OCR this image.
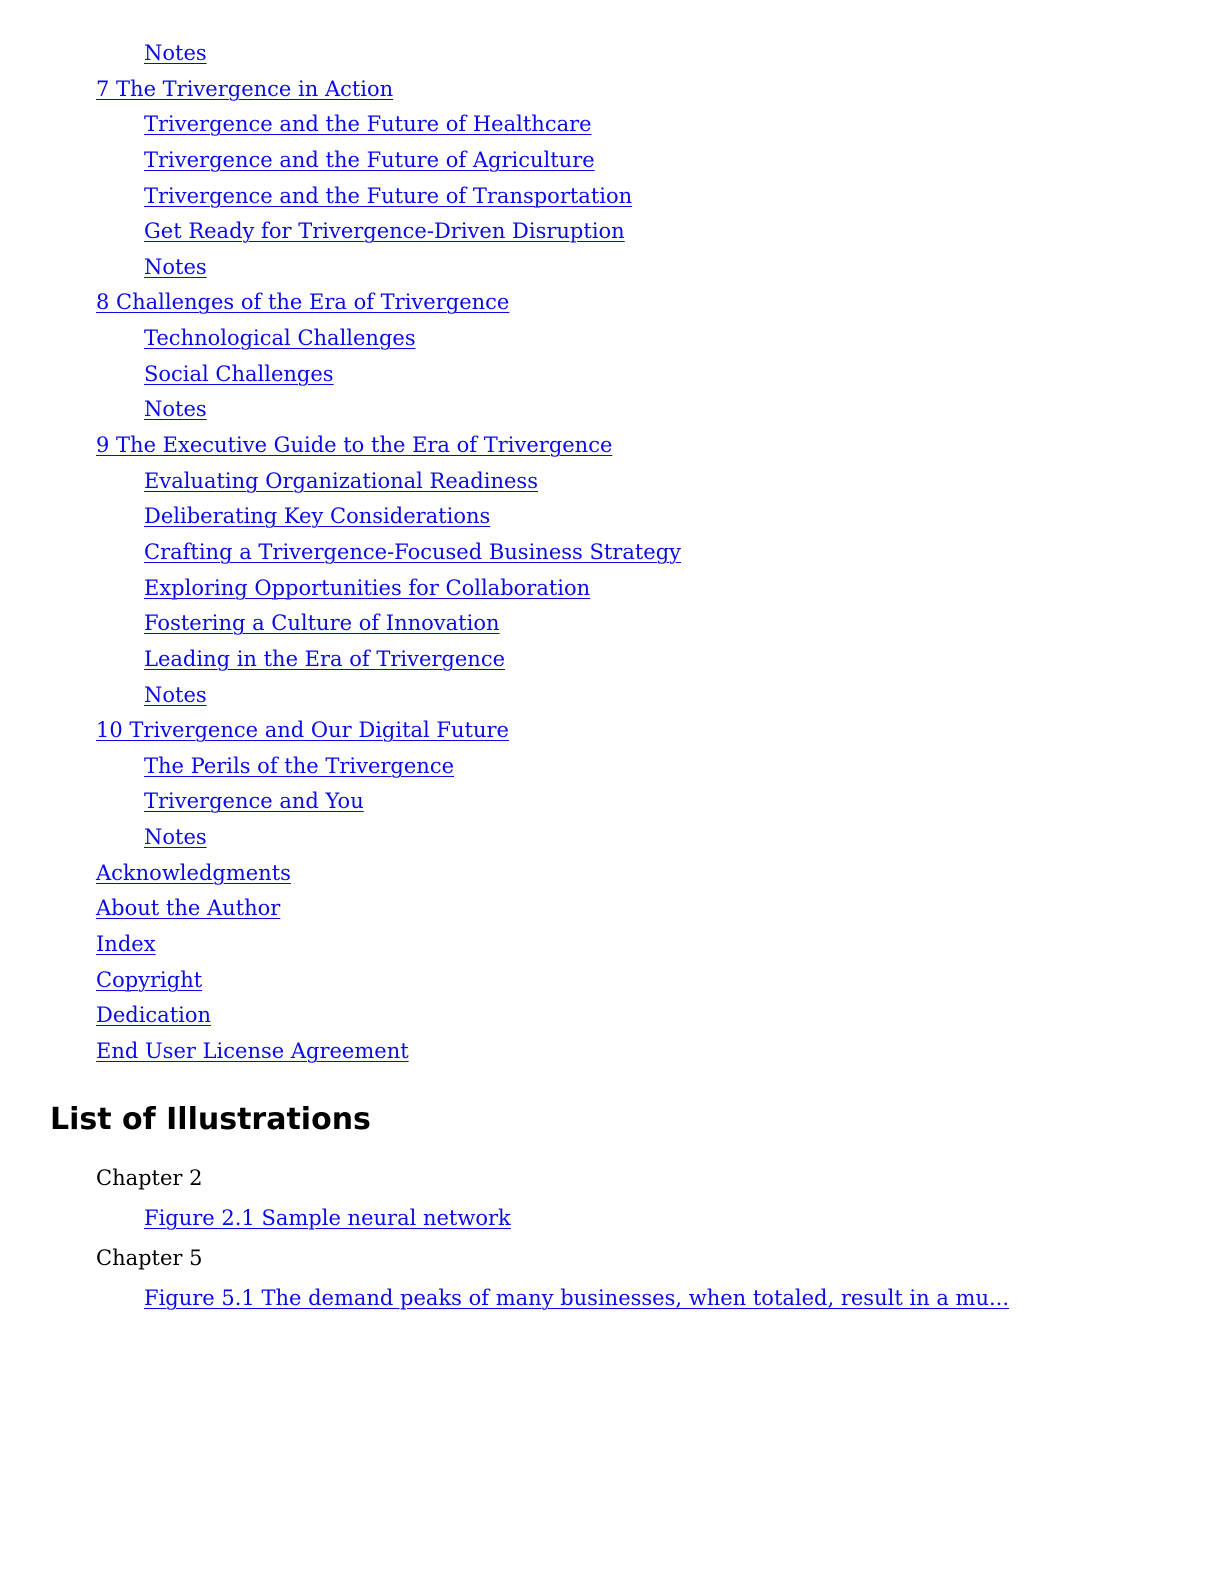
Notes
7 The Trivergence in Action
Trivergence and the Future of Healthcare
Trivergence and the Future of Agriculture
Trivergence and the Future of Transportation
Get Ready for Trivergence-Driven Disruption
Notes
8 Challenges of the Era of Trivergence
Technological Challenges
Social Challenges
Notes
9 The Executive Guide to the Era of Trivergence
Evaluating Organizational Readiness
Deliberating Key Considerations
Crafting a Trivergence-Focused Business Strategy
Exploring Opportunities for Collaboration
Fostering a Culture of Innovation
Leading in the Era of Trivergence
Notes
10 Trivergence and Our Digital Future
The Perils of the Trivergence
Trivergence and You
Notes
Acknowledgments
About the Author
Index
Copyright
Dedication
End User License Agreement
List of Illustrations
Chapter 2
Figure 2.1 Sample neural network
Chapter 5
Figure 5.1 The demand peaks of many businesses, when totaled, result in a mu...
